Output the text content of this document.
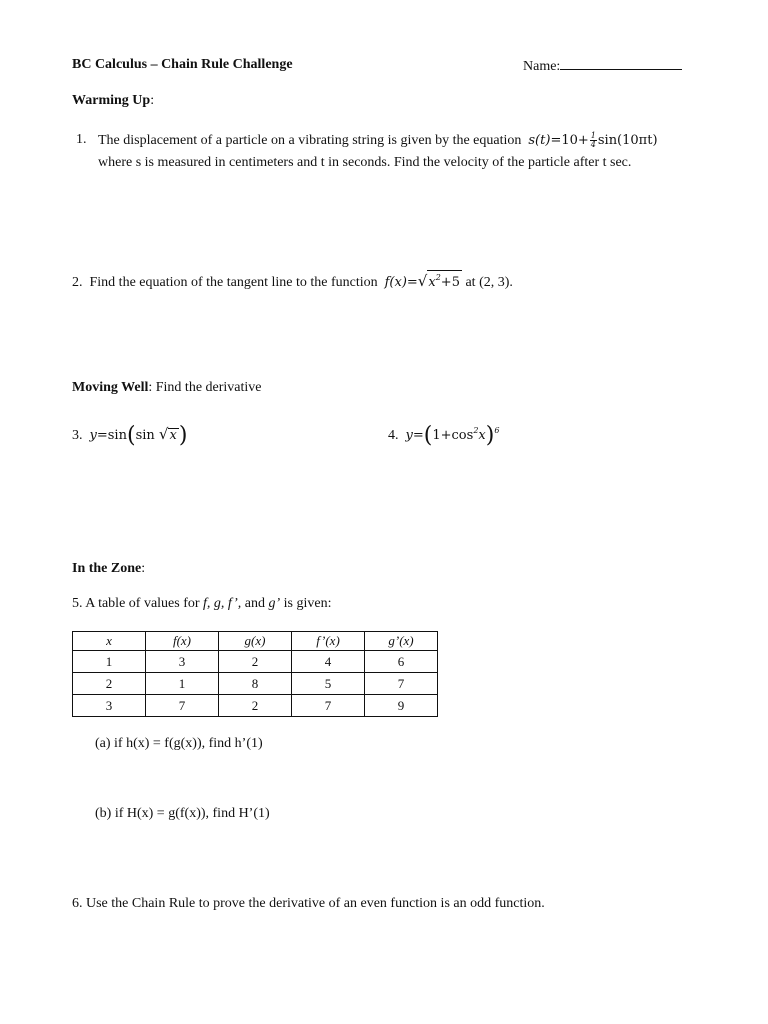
BC Calculus – Chain Rule Challenge	Name:
Warming Up:
1. The displacement of a particle on a vibrating string is given by the equation $s(t)=10+ \frac{1}{4} \sin(10\pi t)$
where s is measured in centimeters and t in seconds. Find the velocity of the particle after t sec.
2. Find the equation of the tangent line to the function $f(x)=√x^2+5$ at (2, 3).
Moving Well: Find the derivative
3. y=sin(sin √x)	4. $y=(1+\cos^2x)^6$
In the Zone:
5. A table of values for f, g, f’, and g’ is given:
x	f(x)	g(x)	f’(x)	g’(x)
1	3	2	4	6
2	1	8	5	7
3	7	2	7	9
(a) if h(x) = f(g(x)), find h’(1)
(b) if H(x) = g(f(x)), find H’(1)
6. Use the Chain Rule to prove the derivative of an even function is an odd function.
